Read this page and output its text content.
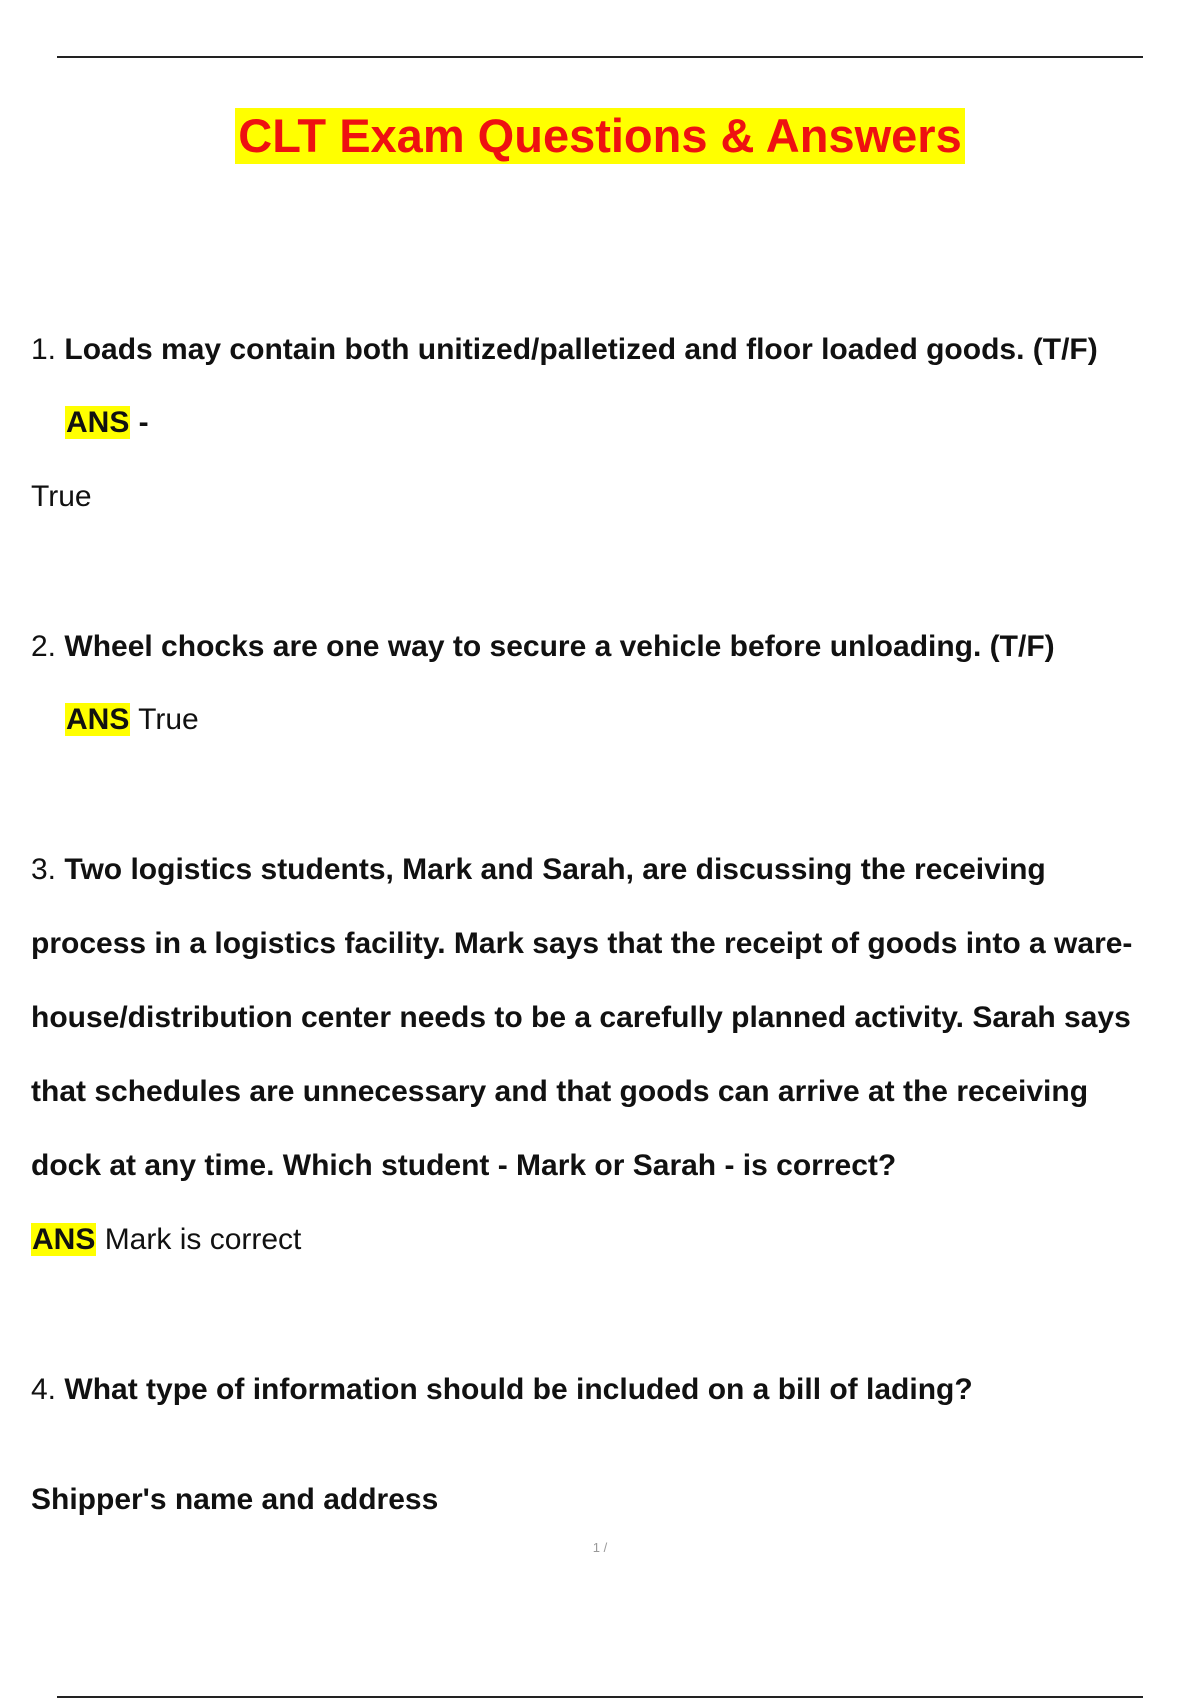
CLT Exam Questions & Answers
1. Loads may contain both unitized/palletized and floor loaded goods. (T/F)
ANS -
True
2. Wheel chocks are one way to secure a vehicle before unloading. (T/F)
ANS True
3. Two logistics students, Mark and Sarah, are discussing the receiving
process in a logistics facility. Mark says that the receipt of goods into a ware-
house/distribution center needs to be a carefully planned activity. Sarah says
that schedules are unnecessary and that goods can arrive at the receiving
dock at any time. Which student - Mark or Sarah - is correct?
ANS Mark is correct
4. What type of information should be included on a bill of lading?
Shipper's name and address
1 /
